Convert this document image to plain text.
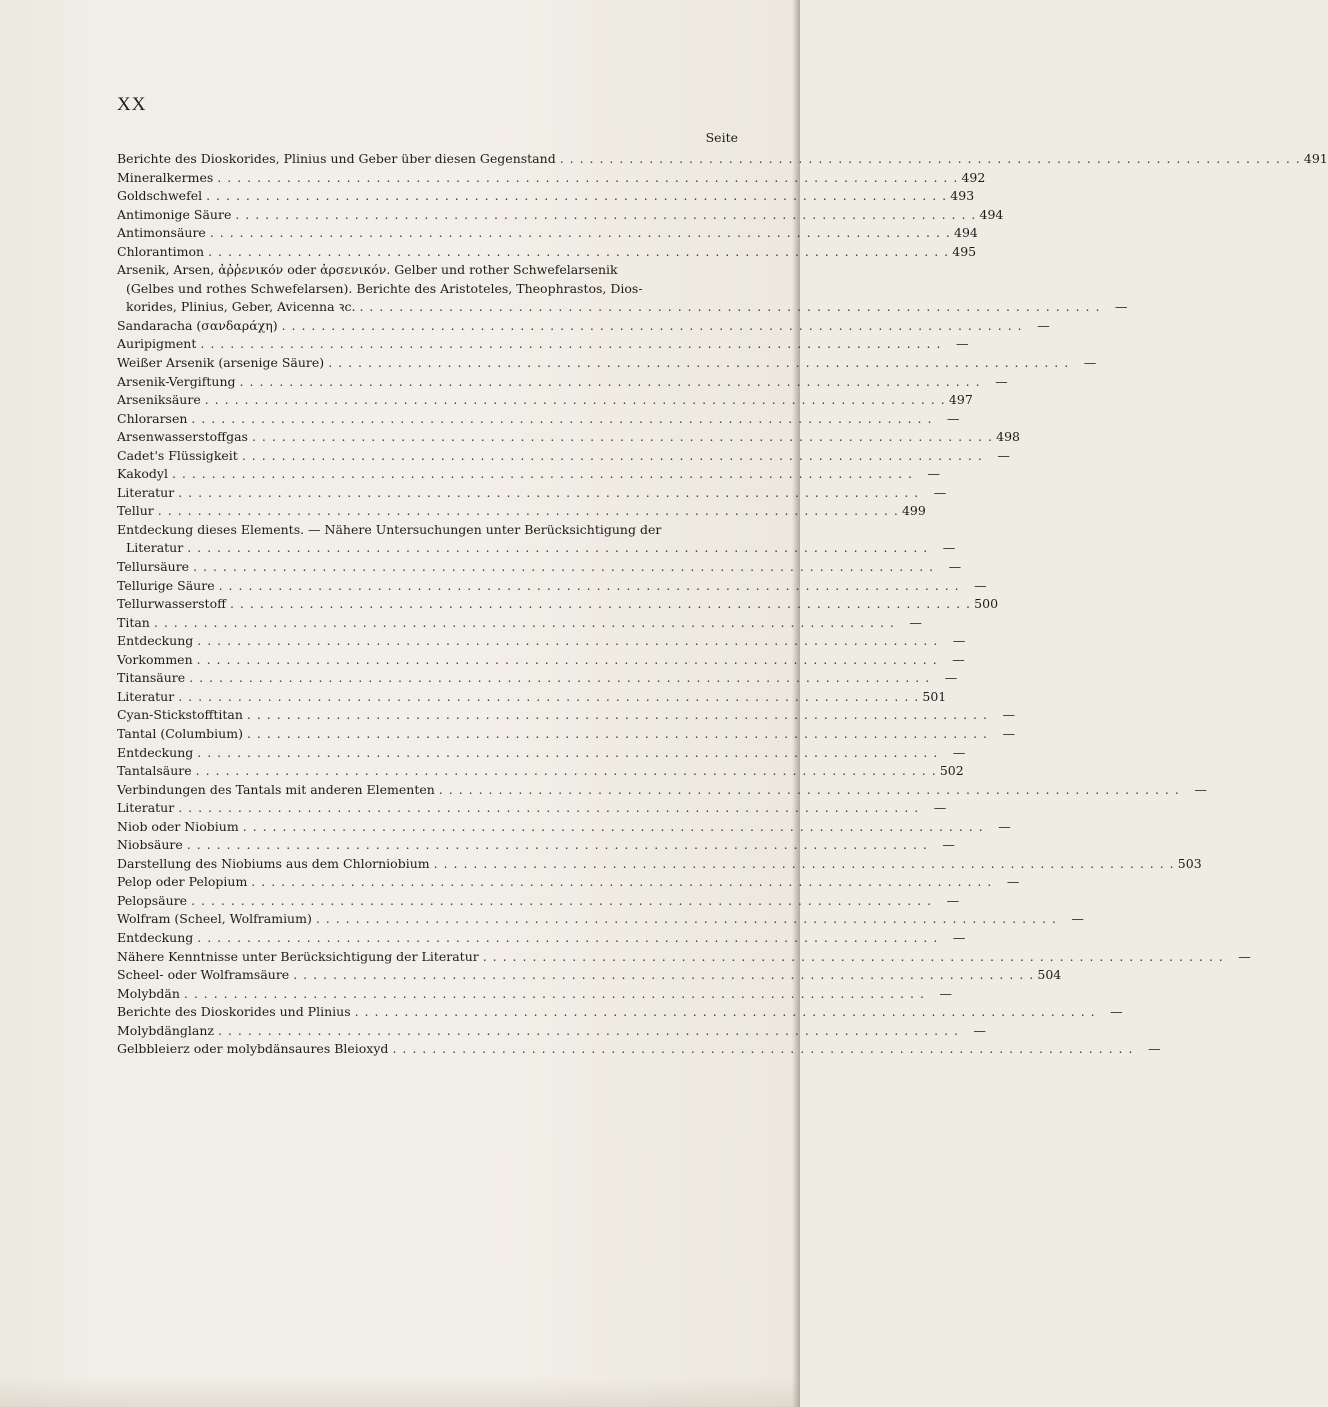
XX
Seite
Berichte des Dioskorides, Plinius und Geber über diesen Gegenstand . . .	491
Mineralkermes . . .	492
Goldschwefel . . .	493
Antimonige Säure . . .	494
Antimonsäure . . .	494
Chlorantimon . . .	495
Arsenik, Arsen, ἀῤῥενικόν oder ἀρσενικόν. Gelber und rother Schwefelarsenik
(Gelbes und rothes Schwefelarsen). Berichte des Aristoteles, Theophrastos, Dios-
korides, Plinius, Geber, Avicenna ꝛc. . . .	—
Sandaracha (σανδαράχη) . . .	—
Auripigment . . .	—
Weißer Arsenik (arsenige Säure) . . .	—
Arsenik-Vergiftung . . .	—
Arseniksäure . . .	497
Chlorarsen . . .	—
Arsenwasserstoffgas . . .	498
Cadet's Flüssigkeit . . .	—
Kakodyl . . .	—
Literatur . . .	—
Tellur . . .	499
Entdeckung dieses Elements. — Nähere Untersuchungen unter Berücksichtigung der
Literatur . . .	—
Tellursäure . . .	—
Tellurige Säure . . .	—
Tellurwasserstoff . . .	500
Titan . . .	—
Entdeckung . . .	—
Vorkommen . . .	—
Titansäure . . .	—
Literatur . . .	501
Cyan-Stickstofftitan . . .	—
Tantal (Columbium) . . .	—
Entdeckung . . .	—
Tantalsäure . . .	502
Verbindungen des Tantals mit anderen Elementen . . .	—
Literatur . . .	—
Niob oder Niobium . . .	—
Niobsäure . . .	—
Darstellung des Niobiums aus dem Chlorniobium . . .	503
Pelop oder Pelopium . . .	—
Pelopsäure . . .	—
Wolfram (Scheel, Wolframium) . . .	—
Entdeckung . . .	—
Nähere Kenntnisse unter Berücksichtigung der Literatur . . .	—
Scheel- oder Wolframsäure . . .	504
Molybdän . . .	—
Berichte des Dioskorides und Plinius . . .	—
Molybdänglanz . . .	—
Gelbbleierz oder molybdänsaures Bleioxyd . . .	—
